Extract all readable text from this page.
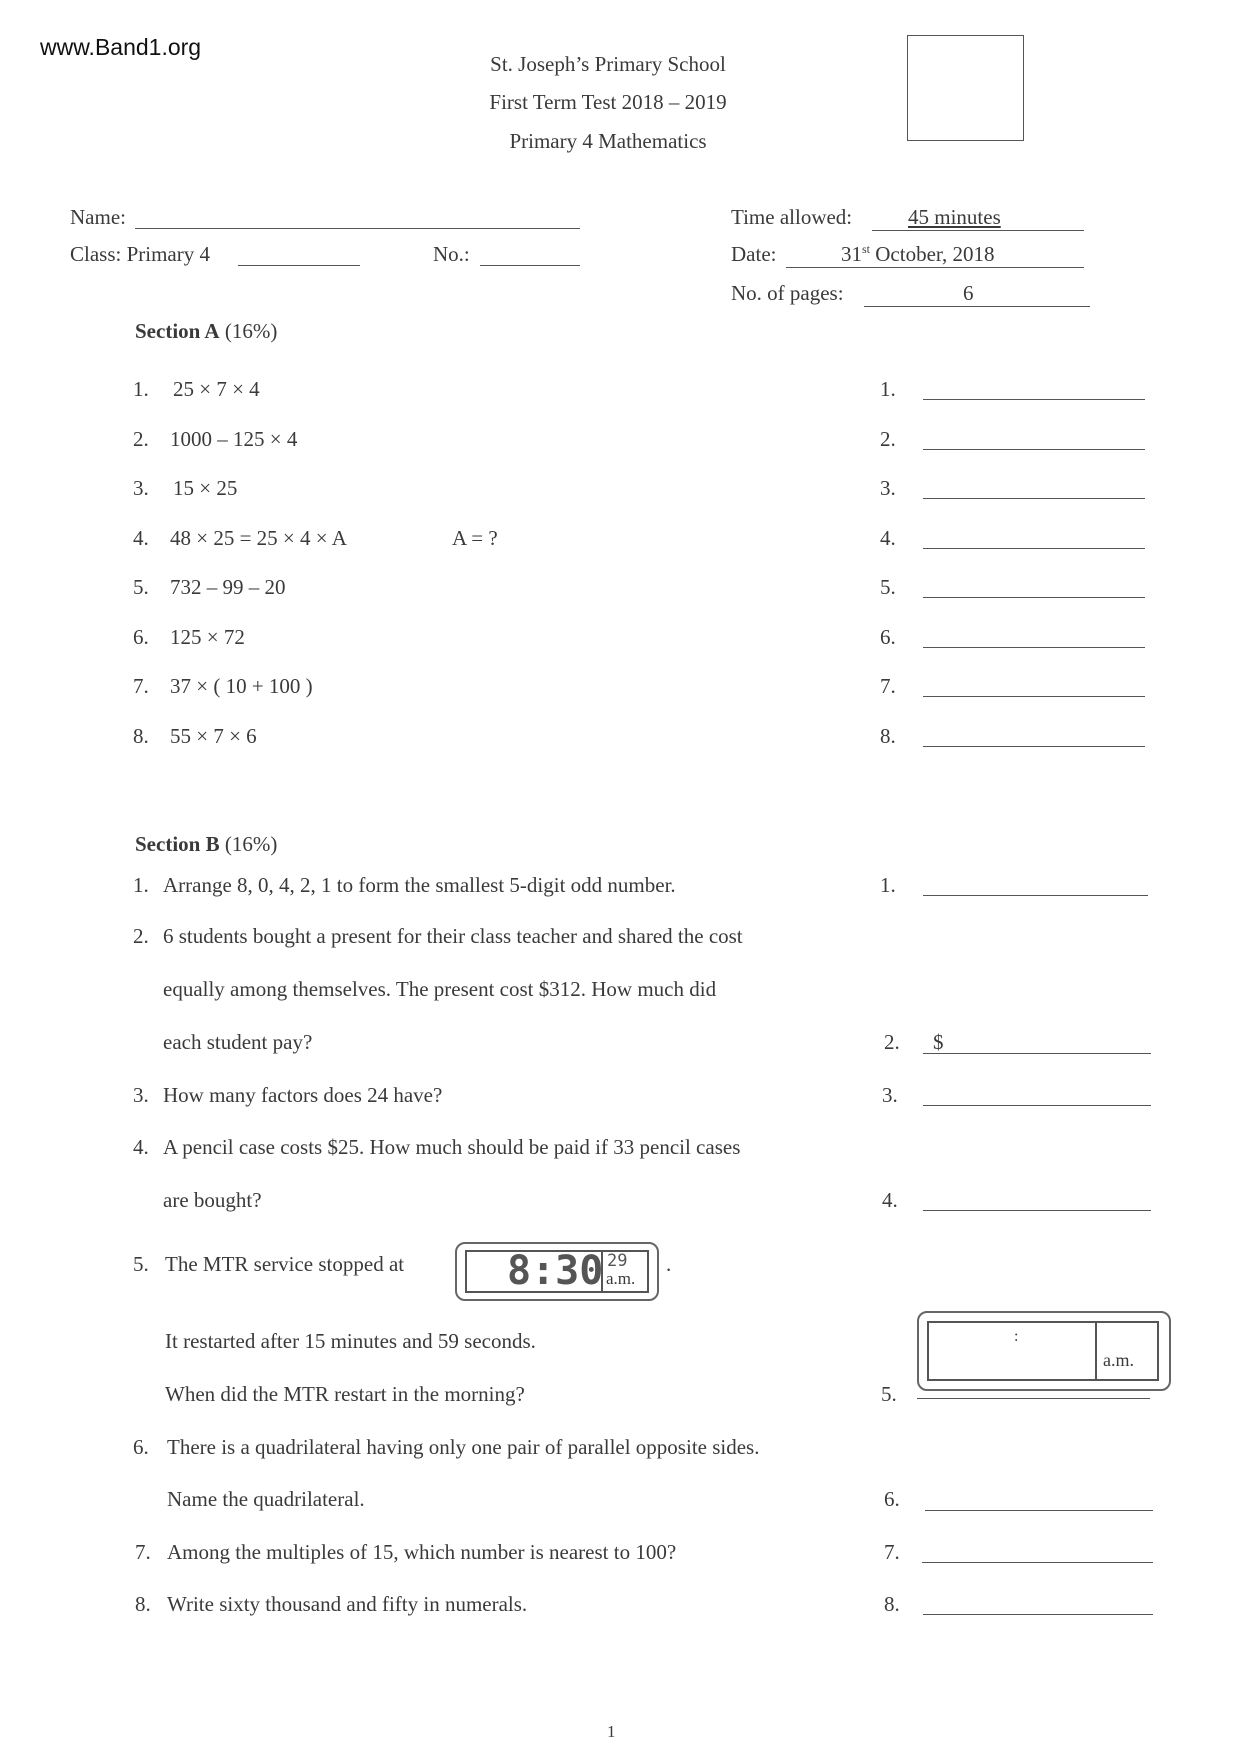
www.Band1.org
St. Joseph’s Primary School
First Term Test 2018 – 2019
Primary 4 Mathematics
Name:
Class: Primary 4	No.:
Time allowed:	45 minutes
Date:	31st October, 2018
No. of pages:	6
Section A (16%)
1. 25 × 7 × 4	1.
2. 1000 – 125 × 4	2.
3. 15 × 25	3.
4. 48 × 25 = 25 × 4 × A	A = ?	4.
5. 732 – 99 – 20	5.
6. 125 × 72	6.
7. 37 × ( 10 + 100 )	7.
8. 55 × 7 × 6	8.
Section B (16%)
1. Arrange 8, 0, 4, 2, 1 to form the smallest 5-digit odd number.	1.
2. 6 students bought a present for their class teacher and shared the cost
equally among themselves. The present cost $312. How much did
each student pay?	2. $
3. How many factors does 24 have?	3.
4. A pencil case costs $25. How much should be paid if 33 pencil cases
are bought?	4.
5. The MTR service stopped at	8:30 29
a.m.
.
It restarted after 15 minutes and 59 seconds.
When did the MTR restart in the morning?
:
a.m.
5.
6. There is a quadrilateral having only one pair of parallel opposite sides.
Name the quadrilateral.	6.
7. Among the multiples of 15, which number is nearest to 100?	7.
8. Write sixty thousand and fifty in numerals.	8.
1
